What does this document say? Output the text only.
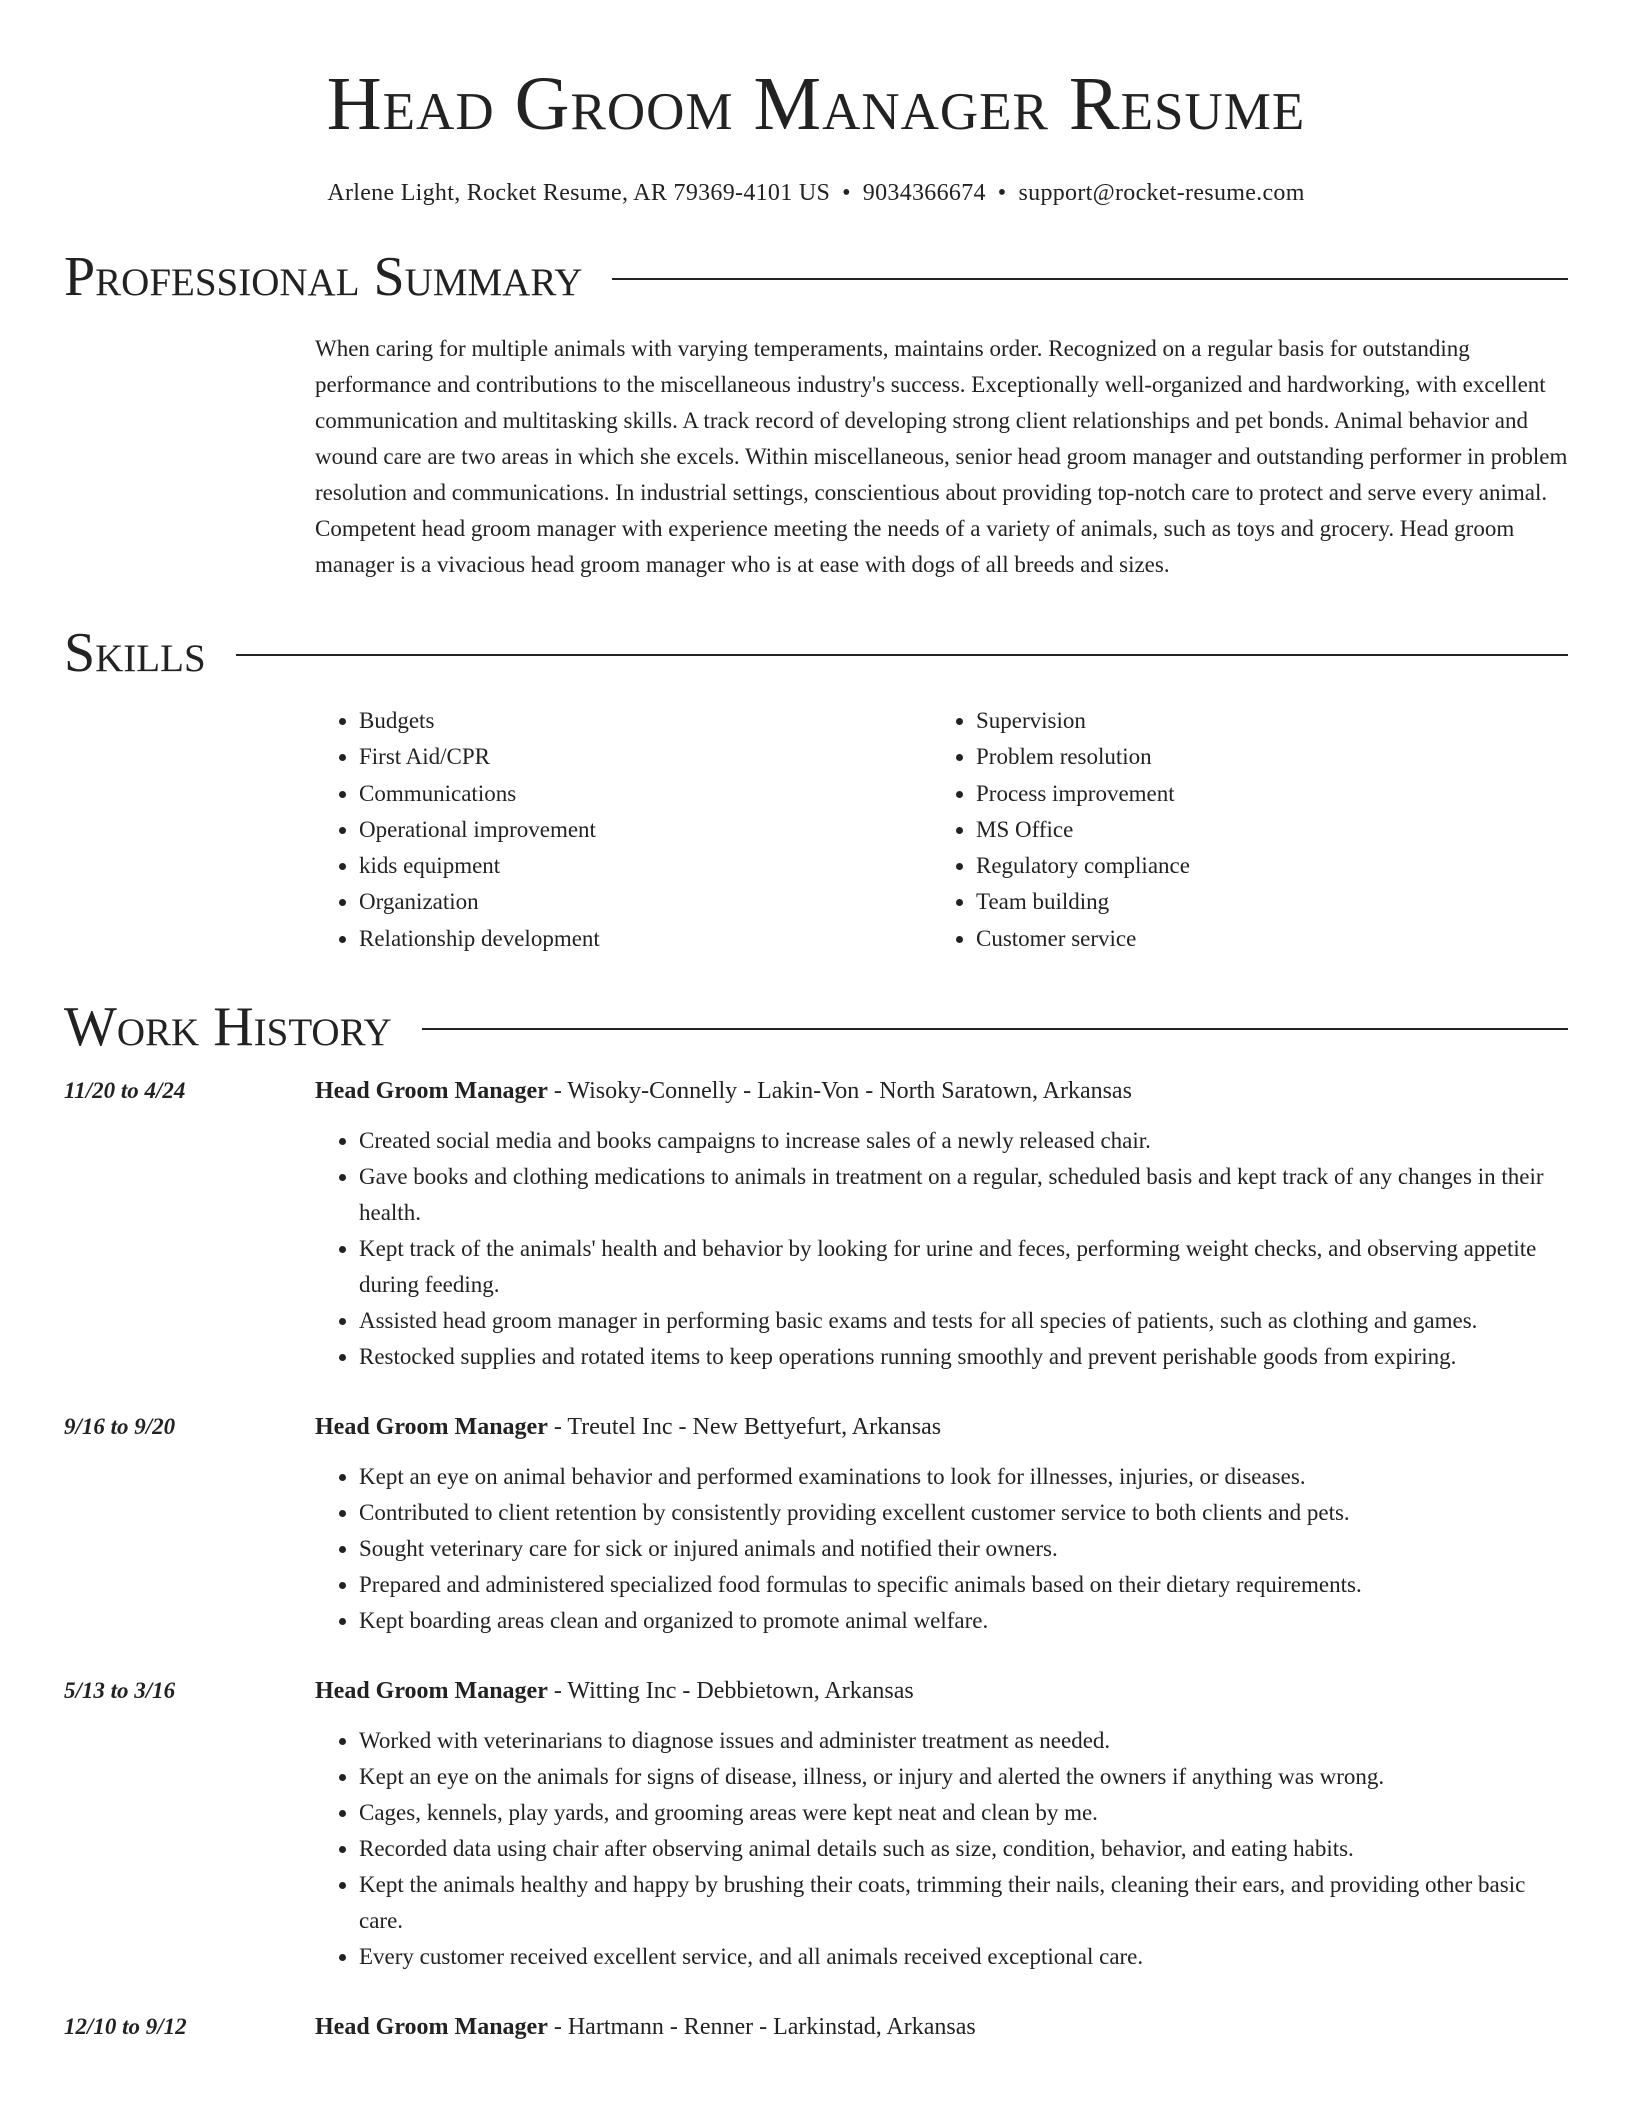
Head Groom Manager Resume
Arlene Light, Rocket Resume, AR 79369-4101 US • 9034366674 • support@rocket-resume.com
Professional Summary
When caring for multiple animals with varying temperaments, maintains order. Recognized on a regular basis for outstanding performance and contributions to the miscellaneous industry's success. Exceptionally well-organized and hardworking, with excellent communication and multitasking skills. A track record of developing strong client relationships and pet bonds. Animal behavior and wound care are two areas in which she excels. Within miscellaneous, senior head groom manager and outstanding performer in problem resolution and communications. In industrial settings, conscientious about providing top-notch care to protect and serve every animal. Competent head groom manager with experience meeting the needs of a variety of animals, such as toys and grocery. Head groom manager is a vivacious head groom manager who is at ease with dogs of all breeds and sizes.
Skills
• Budgets
• First Aid/CPR
• Communications
• Operational improvement
• kids equipment
• Organization
• Relationship development
• Supervision
• Problem resolution
• Process improvement
• MS Office
• Regulatory compliance
• Team building
• Customer service
Work History
11/20 to 4/24	Head Groom Manager - Wisoky-Connelly - Lakin-Von - North Saratown, Arkansas
• Created social media and books campaigns to increase sales of a newly released chair.
• Gave books and clothing medications to animals in treatment on a regular, scheduled basis and kept track of any changes in their health.
• Kept track of the animals' health and behavior by looking for urine and feces, performing weight checks, and observing appetite during feeding.
• Assisted head groom manager in performing basic exams and tests for all species of patients, such as clothing and games.
• Restocked supplies and rotated items to keep operations running smoothly and prevent perishable goods from expiring.
9/16 to 9/20	Head Groom Manager - Treutel Inc - New Bettyefurt, Arkansas
• Kept an eye on animal behavior and performed examinations to look for illnesses, injuries, or diseases.
• Contributed to client retention by consistently providing excellent customer service to both clients and pets.
• Sought veterinary care for sick or injured animals and notified their owners.
• Prepared and administered specialized food formulas to specific animals based on their dietary requirements.
• Kept boarding areas clean and organized to promote animal welfare.
5/13 to 3/16	Head Groom Manager - Witting Inc - Debbietown, Arkansas
• Worked with veterinarians to diagnose issues and administer treatment as needed.
• Kept an eye on the animals for signs of disease, illness, or injury and alerted the owners if anything was wrong.
• Cages, kennels, play yards, and grooming areas were kept neat and clean by me.
• Recorded data using chair after observing animal details such as size, condition, behavior, and eating habits.
• Kept the animals healthy and happy by brushing their coats, trimming their nails, cleaning their ears, and providing other basic care.
• Every customer received excellent service, and all animals received exceptional care.
12/10 to 9/12	Head Groom Manager - Hartmann - Renner - Larkinstad, Arkansas
